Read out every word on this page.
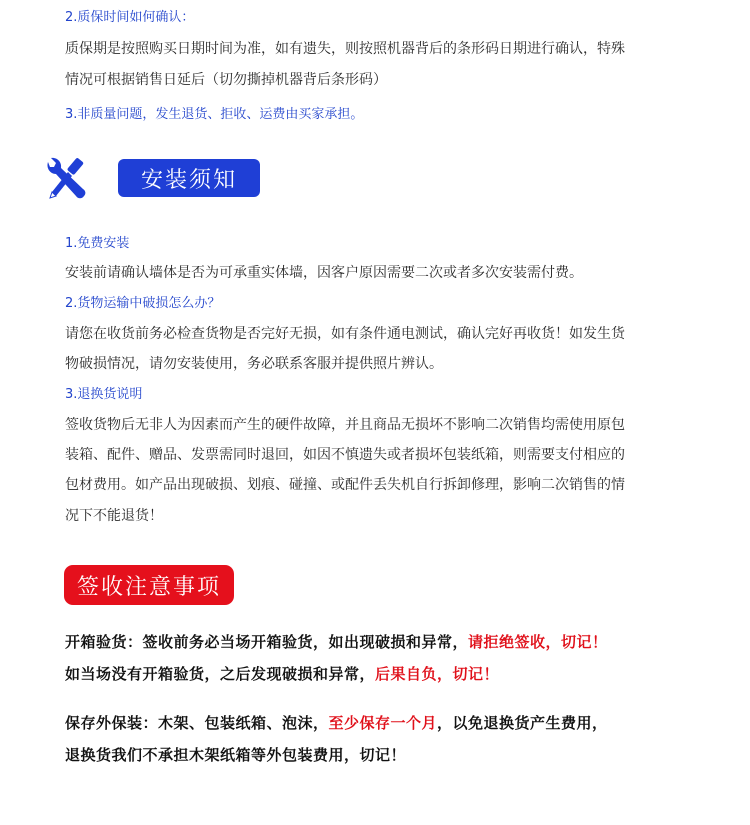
2.质保时间如何确认：
质保期是按照购买日期时间为准，如有遗失，则按照机器背后的条形码日期进行确认，特殊
情况可根据销售日延后（切勿撕掉机器背后条形码）
3.非质量问题，发生退货、拒收、运费由买家承担。
安装须知
1.免费安装
安装前请确认墙体是否为可承重实体墙，因客户原因需要二次或者多次安装需付费。
2.货物运输中破损怎么办？
请您在收货前务必检查货物是否完好无损，如有条件通电测试，确认完好再收货！如发生货
物破损情况，请勿安装使用，务必联系客服并提供照片辨认。
3.退换货说明
签收货物后无非人为因素而产生的硬件故障，并且商品无损坏不影响二次销售均需使用原包
装箱、配件、赠品、发票需同时退回，如因不慎遗失或者损坏包装纸箱，则需要支付相应的
包材费用。如产品出现破损、划痕、碰撞、或配件丢失机自行拆卸修理，影响二次销售的情
况下不能退货！
签收注意事项
开箱验货：签收前务必当场开箱验货，如出现破损和异常，请拒绝签收，切记！
如当场没有开箱验货，之后发现破损和异常，后果自负，切记！
保存外保装：木架、包装纸箱、泡沫，至少保存一个月，以免退换货产生费用，
退换货我们不承担木架纸箱等外包装费用，切记！
